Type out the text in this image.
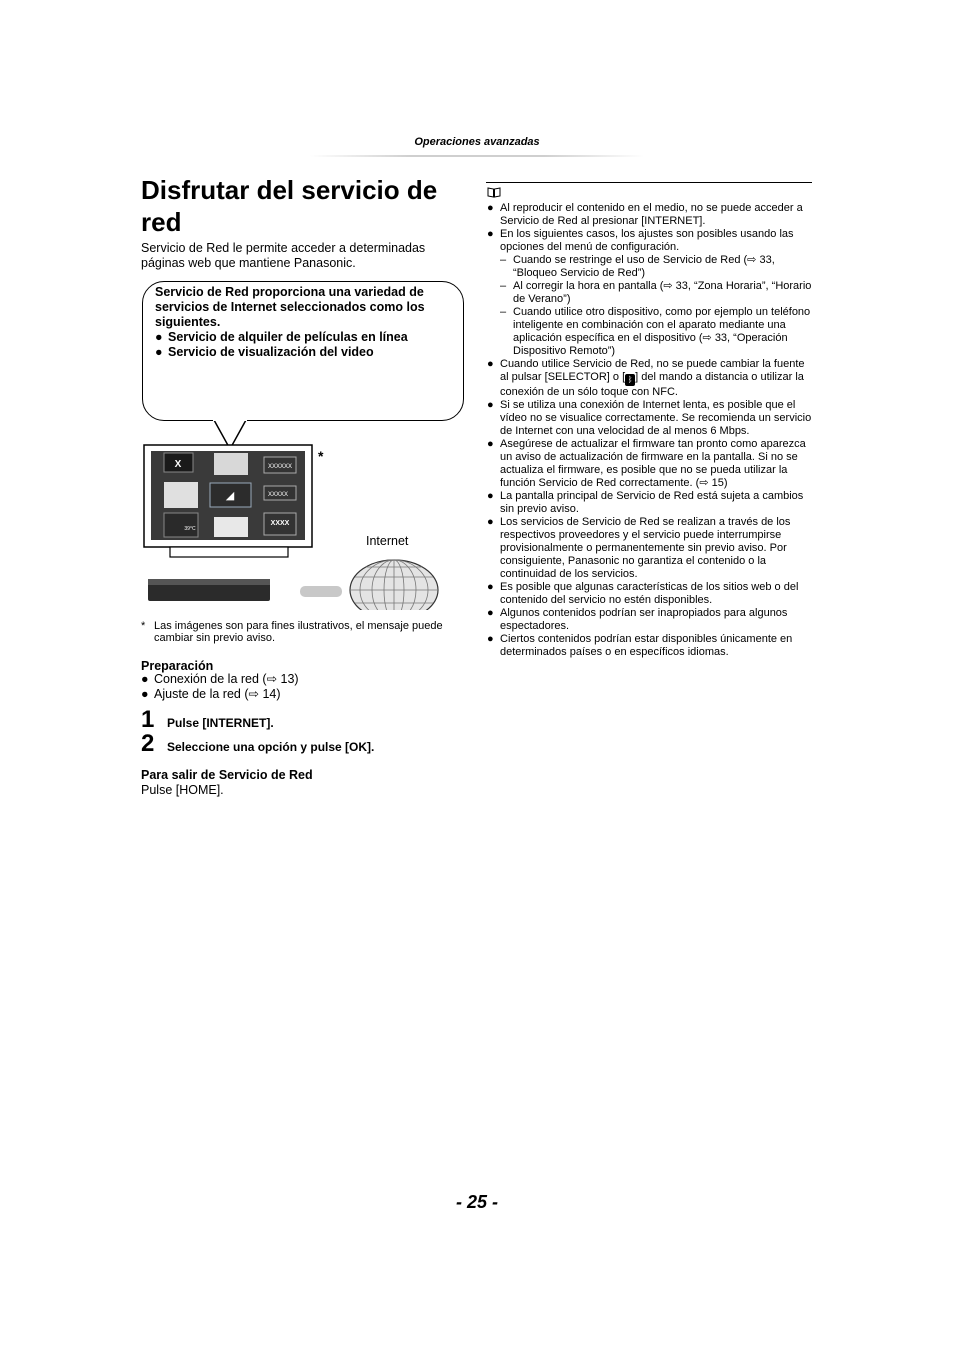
Operaciones avanzadas
Disfrutar del servicio de red
Servicio de Red le permite acceder a determinadas páginas web que mantiene Panasonic.

Servicio de Red proporciona una variedad de servicios de Internet seleccionados como los siguientes.

● Servicio de alquiler de películas en línea

● Servicio de visualización del video

X	XXXXXX
◢	XXXXX
39°C
XXXX
*
Internet
* Las imágenes son para fines ilustrativos, el mensaje puede cambiar sin previo aviso.
Preparación
● Conexión de la red (⇨ 13)
● Ajuste de la red (⇨ 14)
1 Pulse [INTERNET].
2 Seleccione una opción y pulse [OK].
Para salir de Servicio de Red
Pulse [HOME].

● Al reproducir el contenido en el medio, no se puede acceder a Servicio de Red al presionar [INTERNET].

● En los siguientes casos, los ajustes son posibles usando las opciones del menú de configuración.

– Cuando se restringe el uso de Servicio de Red (⇨ 33, “Bloqueo Servicio de Red”)

– Al corregir la hora en pantalla (⇨ 33, “Zona Horaria”, “Horario de Verano”)

– Cuando utilice otro dispositivo, como por ejemplo un teléfono inteligente en combinación con el aparato mediante una aplicación específica en el dispositivo (⇨ 33, “Operación Dispositivo Remoto”)

● Cuando utilice Servicio de Red, no se puede cambiar la fuente al pulsar [SELECTOR] o [ ᛒ ] del mando a distancia o utilizar la conexión de un sólo toque con NFC.

● Si se utiliza una conexión de Internet lenta, es posible que el vídeo no se visualice correctamente. Se recomienda un servicio de Internet con una velocidad de al menos 6 Mbps.

● Asegúrese de actualizar el firmware tan pronto como aparezca un aviso de actualización de firmware en la pantalla. Si no se actualiza el firmware, es posible que no se pueda utilizar la función Servicio de Red correctamente. (⇨ 15)

● La pantalla principal de Servicio de Red está sujeta a cambios sin previo aviso.

● Los servicios de Servicio de Red se realizan a través de los respectivos proveedores y el servicio puede interrumpirse provisionalmente o permanentemente sin previo aviso. Por consiguiente, Panasonic no garantiza el contenido o la continuidad de los servicios.

● Es posible que algunas características de los sitios web o del contenido del servicio no estén disponibles.

● Algunos contenidos podrían ser inapropiados para algunos espectadores.

● Ciertos contenidos podrían estar disponibles únicamente en determinados países o en específicos idiomas.

- 25 -
